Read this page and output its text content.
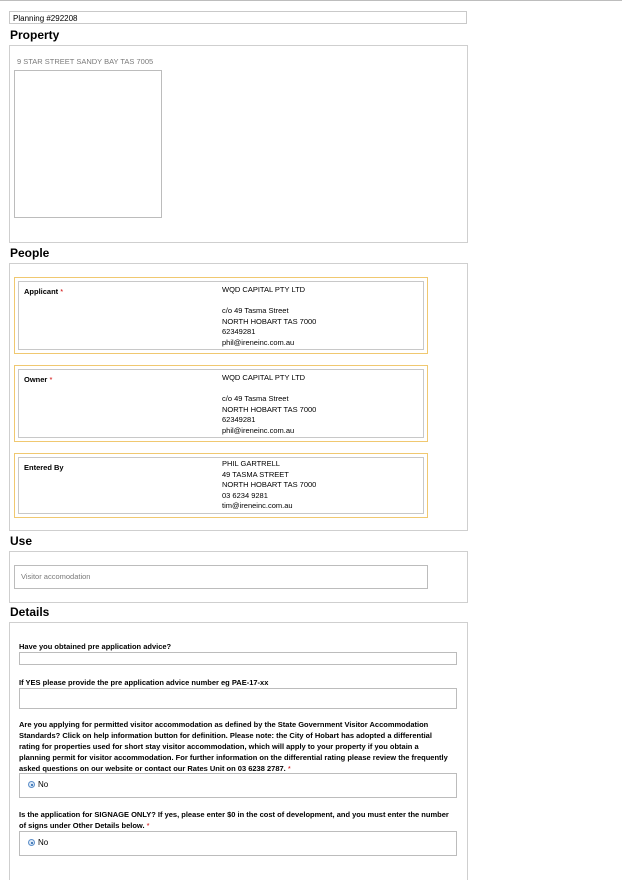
Planning #292208
Property
9 STAR STREET SANDY BAY TAS 7005
People
Applicant *	WQD CAPITAL PTY LTD
c/o 49 Tasma Street
NORTH HOBART TAS 7000
62349281
phil@ireneinc.com.au
Owner *	WQD CAPITAL PTY LTD
c/o 49 Tasma Street
NORTH HOBART TAS 7000
62349281
phil@ireneinc.com.au
Entered By	PHIL GARTRELL
49 TASMA STREET
NORTH HOBART TAS 7000
03 6234 9281
tim@ireneinc.com.au
Use
Visitor accomodation
Details
Have you obtained pre application advice?
If YES please provide the pre application advice number eg PAE-17-xx
Are you applying for permitted visitor accommodation as defined by the State Government Visitor Accommodation Standards? Click on help information button for definition. Please note: the City of Hobart has adopted a differential rating for properties used for short stay visitor accommodation, which will apply to your property if you obtain a planning permit for visitor accommodation. For further information on the differential rating please review the frequently asked questions on our website or contact our Rates Unit on 03 6238 2787. *
No
Is the application for SIGNAGE ONLY? If yes, please enter $0 in the cost of development, and you must enter the number of signs under Other Details below. *
No
